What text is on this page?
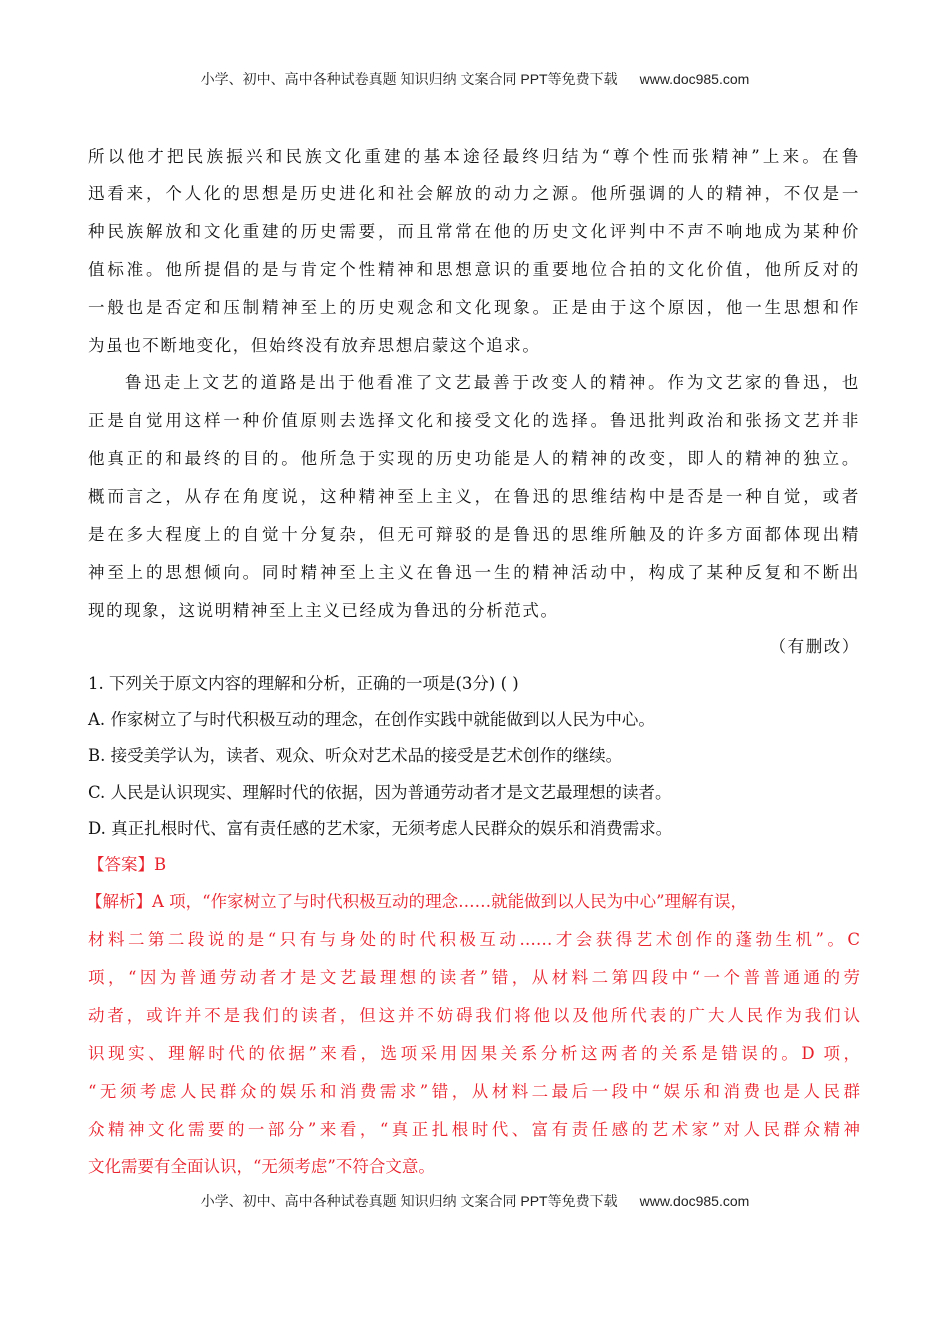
小学、初中、高中各种试卷真题 知识归纳 文案合同 PPT等免费下载 www.doc985.com
所以他才把民族振兴和民族文化重建的基本途径最终归结为“尊个性而张精神”上来。在鲁
迅看来，个人化的思想是历史进化和社会解放的动力之源。他所强调的人的精神，不仅是一
种民族解放和文化重建的历史需要，而且常常在他的历史文化评判中不声不响地成为某种价
值标准。他所提倡的是与肯定个性精神和思想意识的重要地位合拍的文化价值，他所反对的
一般也是否定和压制精神至上的历史观念和文化现象。正是由于这个原因，他一生思想和作
为虽也不断地变化，但始终没有放弃思想启蒙这个追求。
鲁迅走上文艺的道路是出于他看准了文艺最善于改变人的精神。作为文艺家的鲁迅，也
正是自觉用这样一种价值原则去选择文化和接受文化的选择。鲁迅批判政治和张扬文艺并非
他真正的和最终的目的。他所急于实现的历史功能是人的精神的改变，即人的精神的独立。
概而言之，从存在角度说，这种精神至上主义，在鲁迅的思维结构中是否是一种自觉，或者
是在多大程度上的自觉十分复杂，但无可辩驳的是鲁迅的思维所触及的许多方面都体现出精
神至上的思想倾向。同时精神至上主义在鲁迅一生的精神活动中，构成了某种反复和不断出
现的现象，这说明精神至上主义已经成为鲁迅的分析范式。
（有删改）
1. 下列关于原文内容的理解和分析，正确的一项是(3分) ( )
A. 作家树立了与时代积极互动的理念，在创作实践中就能做到以人民为中心。
B. 接受美学认为，读者、观众、听众对艺术品的接受是艺术创作的继续。
C. 人民是认识现实、理解时代的依据，因为普通劳动者才是文艺最理想的读者。
D. 真正扎根时代、富有责任感的艺术家，无须考虑人民群众的娱乐和消费需求。
【答案】B
【解析】A 项，“作家树立了与时代积极互动的理念……就能做到以人民为中心”理解有误，
材料二第二段说的是“只有与身处的时代积极互动……才会获得艺术创作的蓬勃生机”。C
项，“因为普通劳动者才是文艺最理想的读者”错，从材料二第四段中“一个普普通通的劳
动者，或许并不是我们的读者，但这并不妨碍我们将他以及他所代表的广大人民作为我们认
识现实、理解时代的依据”来看，选项采用因果关系分析这两者的关系是错误的。D 项，
“无须考虑人民群众的娱乐和消费需求”错，从材料二最后一段中“娱乐和消费也是人民群
众精神文化需要的一部分”来看，“真正扎根时代、富有责任感的艺术家”对人民群众精神
文化需要有全面认识，“无须考虑”不符合文意。
小学、初中、高中各种试卷真题 知识归纳 文案合同 PPT等免费下载 www.doc985.com
